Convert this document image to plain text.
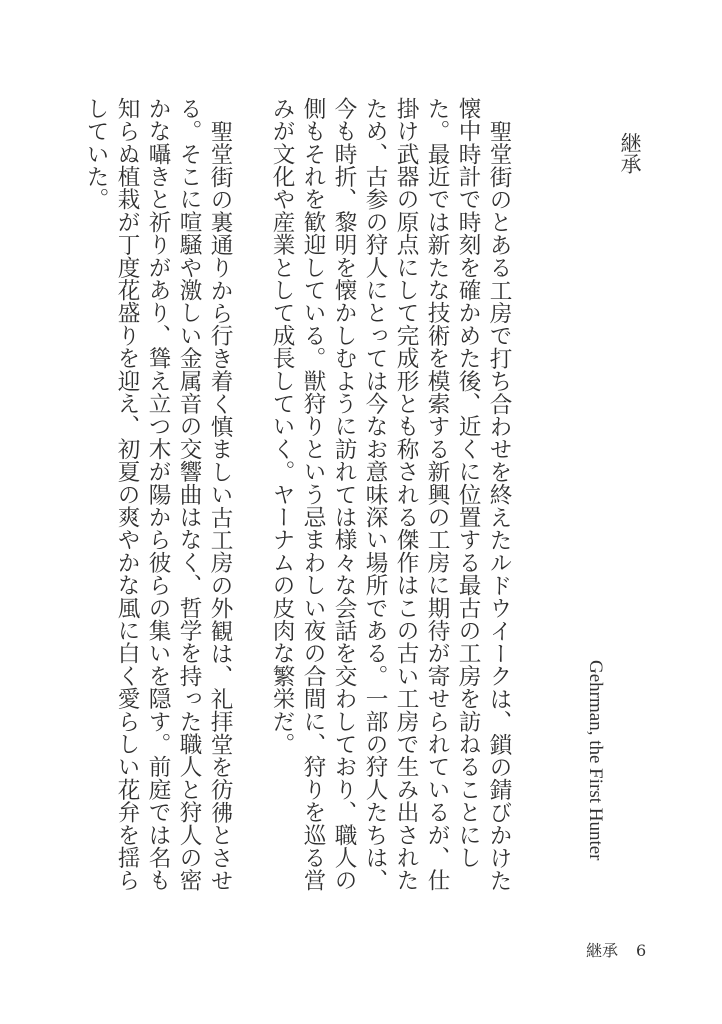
継承
Gehrman, the First Hunter

聖堂街のとある工房で打ち合わせを終えたルドウイークは、鎖の錆びかけた懐中時計で時刻を確かめた後、近くに位置する最古の工房を訪ねることにした。最近では新たな技術を模索する新興の工房に期待が寄せられているが、仕掛け武器の原点にして完成形とも称される傑作はこの古い工房で生み出されたため、古参の狩人にとっては今なお意味深い場所である。一部の狩人たちは、今も時折、黎明を懐かしむように訪れては様々な会話を交わしており、職人の側もそれを歓迎している。獣狩りという忌まわしい夜の合間に、狩りを巡る営みが文化や産業として成長していく。ヤーナムの皮肉な繁栄だ。

聖堂街の裏通りから行き着く慎ましい古工房の外観は、礼拝堂を彷彿とさせる。そこに喧騒や激しい金属音の交響曲はなく、哲学を持った職人と狩人の密かな囁きと祈りがあり、聳え立つ木が陽から彼らの集いを隠す。前庭では名も知らぬ植栽が丁度花盛りを迎え、初夏の爽やかな風に白く愛らしい花弁を揺らしていた。

継承 6
